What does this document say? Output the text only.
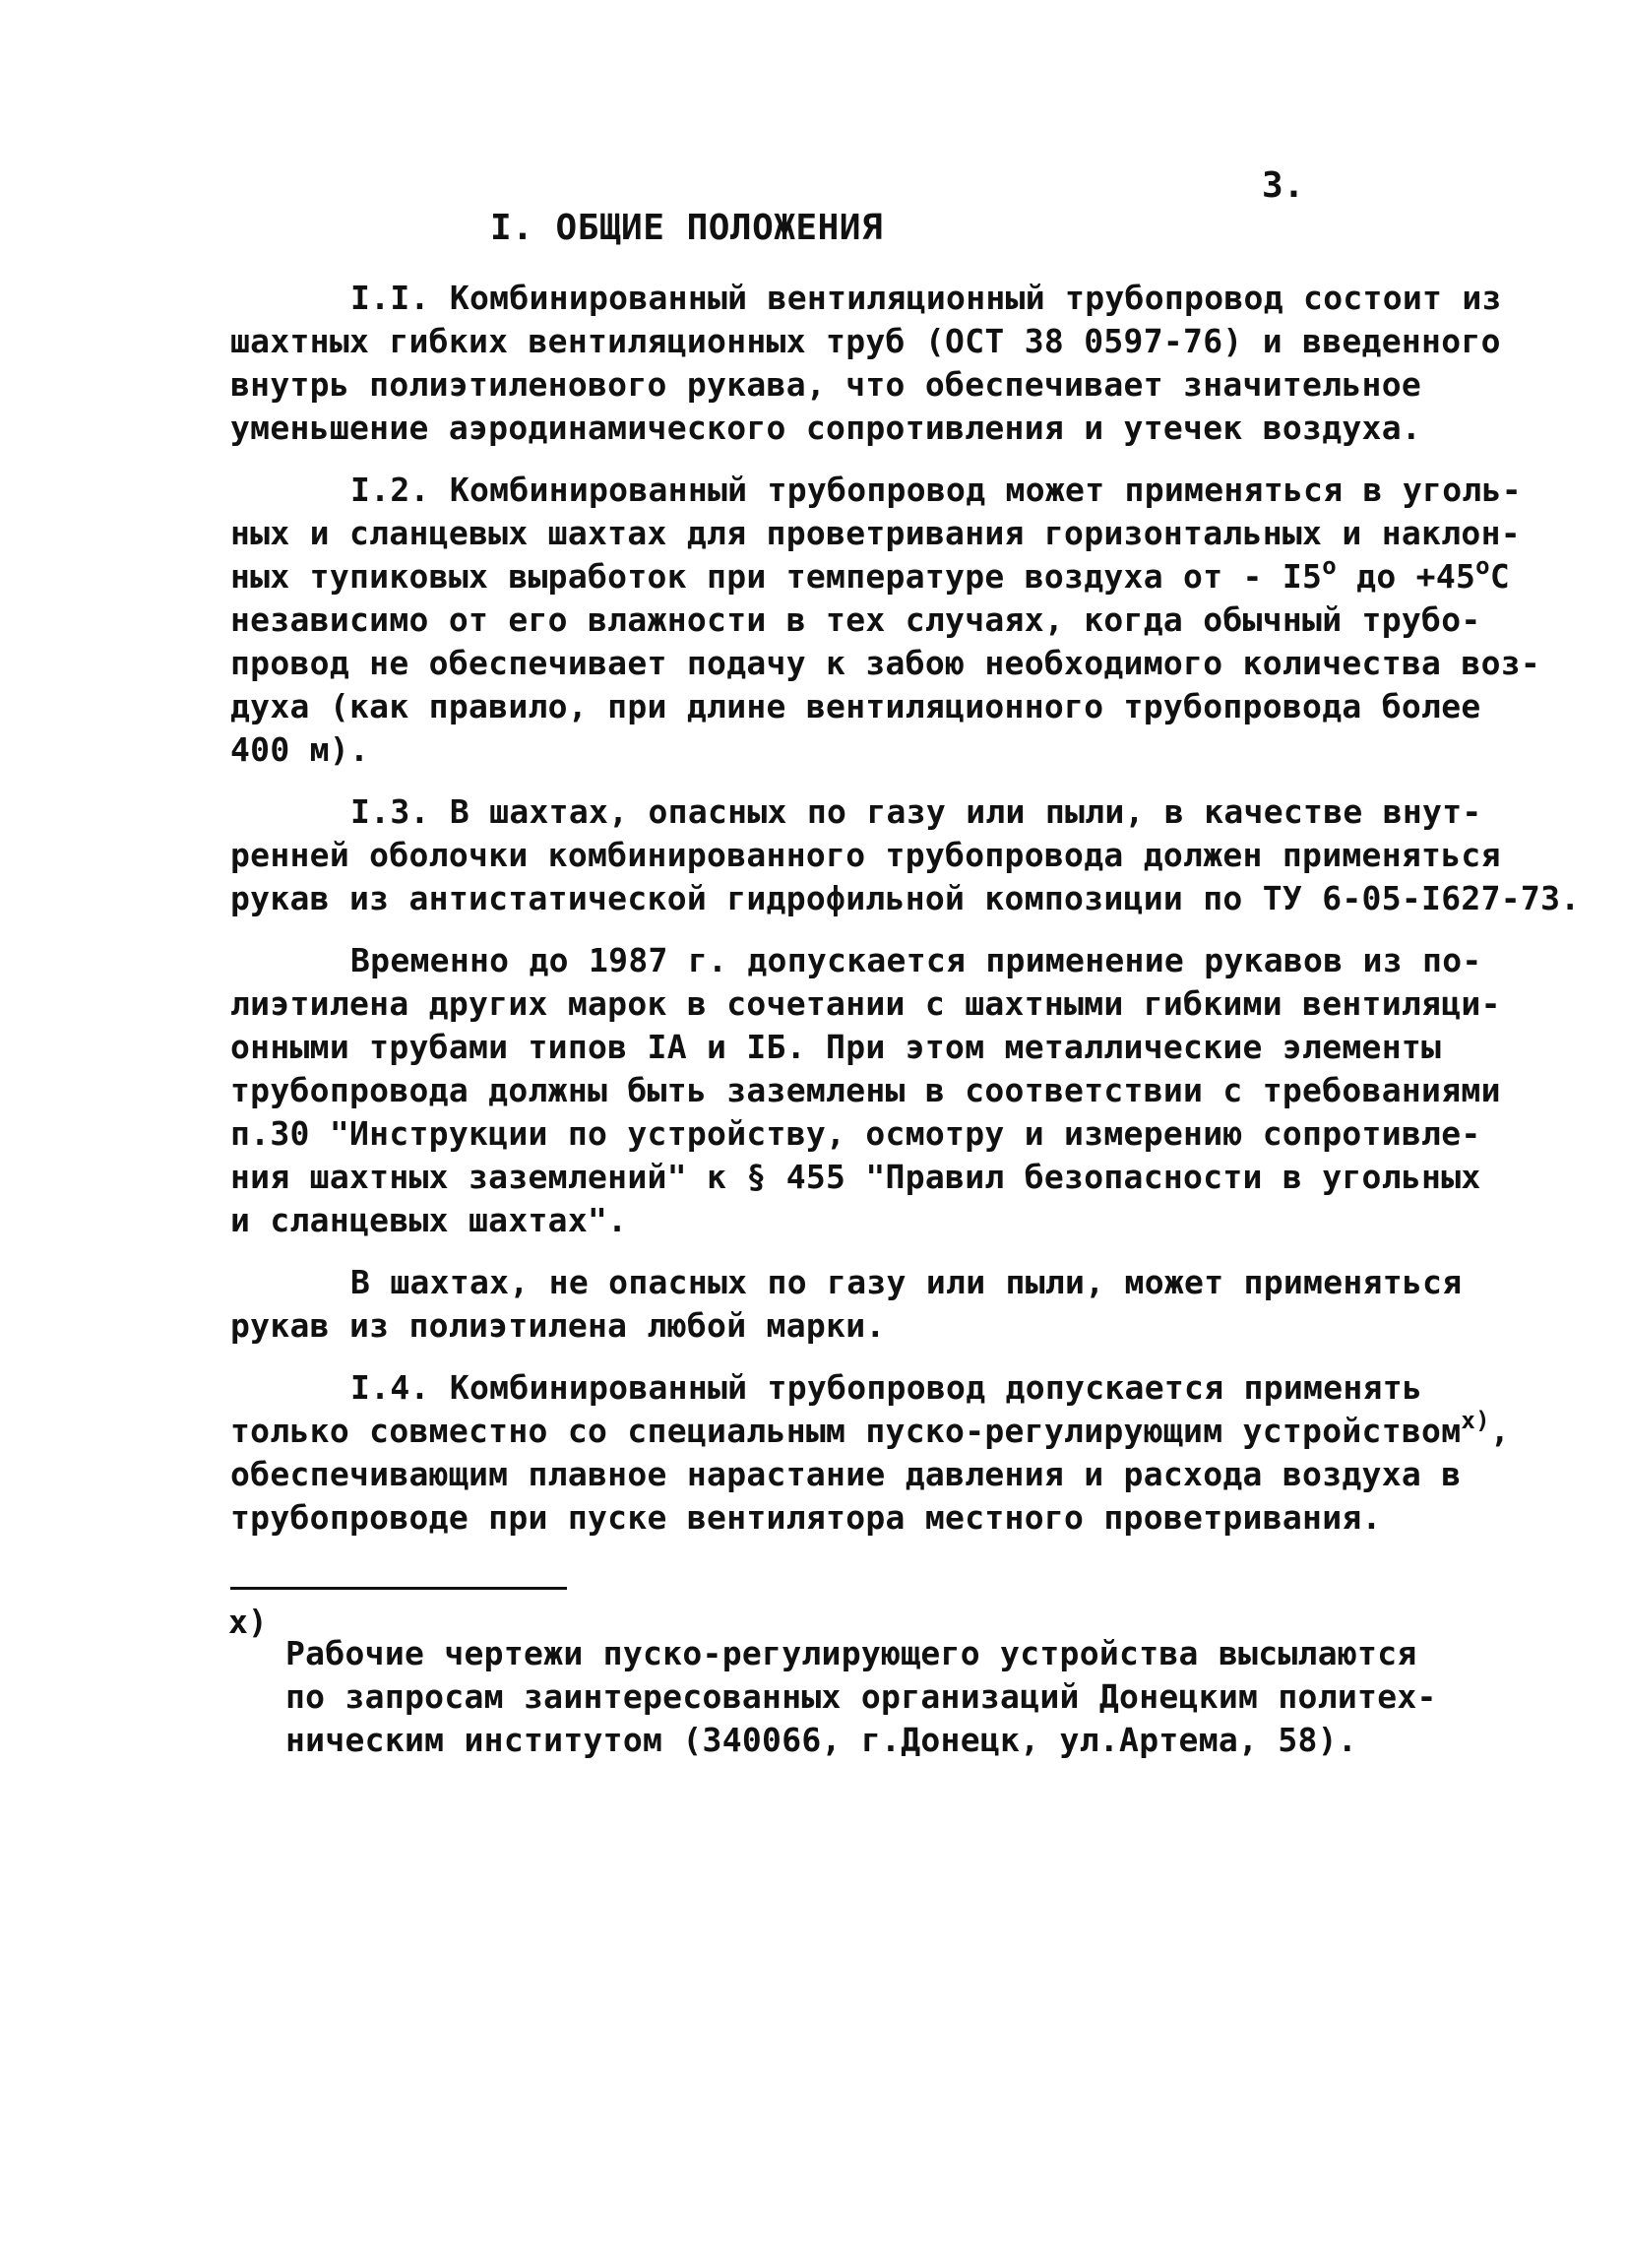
3.
I. ОБЩИЕ ПОЛОЖЕНИЯ
I.I. Комбинированный вентиляционный трубопровод состоит из
шахтных гибких вентиляционных труб (ОСТ 38 0597-76) и введенного
внутрь полиэтиленового рукава, что обеспечивает значительное
уменьшение аэродинамического сопротивления и утечек воздуха.
I.2. Комбинированный трубопровод может применяться в уголь-
ных и сланцевых шахтах для проветривания горизонтальных и наклон-
ных тупиковых выработок при температуре воздуха от - I5$^o$ до $+45^oC$
независимо от его влажности в тех случаях, когда обычный трубо-
провод не обеспечивает подачу к забою необходимого количества воз-
духа (как правило, при длине вентиляционного трубопровода более
400 м).
I.3. В шахтах, опасных по газу или пыли, в качестве внут-
ренней оболочки комбинированного трубопровода должен применяться
рукав из антистатической гидрофильной композиции по ТУ 6-05-I627-73.
Временно до 1987 г. допускается применение рукавов из по-
лиэтилена других марок в сочетании с шахтными гибкими вентиляци-
онными трубами типов IA и IБ. При этом металлические элементы
трубопровода должны быть заземлены в соответствии с требованиями
п.30 "Инструкции по устройству, осмотру и измерению сопротивле-
ния шахтных заземлений" к § 455 "Правил безопасности в угольных
и сланцевых шахтах".
В шахтах, не опасных по газу или пыли, может применяться
рукав из полиэтилена любой марки.
I.4. Комбинированный трубопровод допускается применять
только совместно со специальным пуско-регулирующим устройством$^{х)}$,
обеспечивающим плавное нарастание давления и расхода воздуха в
трубопроводе при пуске вентилятора местного проветривания.
х)
Рабочие чертежи пуско-регулирующего устройства высылаются
по запросам заинтересованных организаций Донецким политех-
ническим институтом (340066, г.Донецк, ул.Артема, 58).
